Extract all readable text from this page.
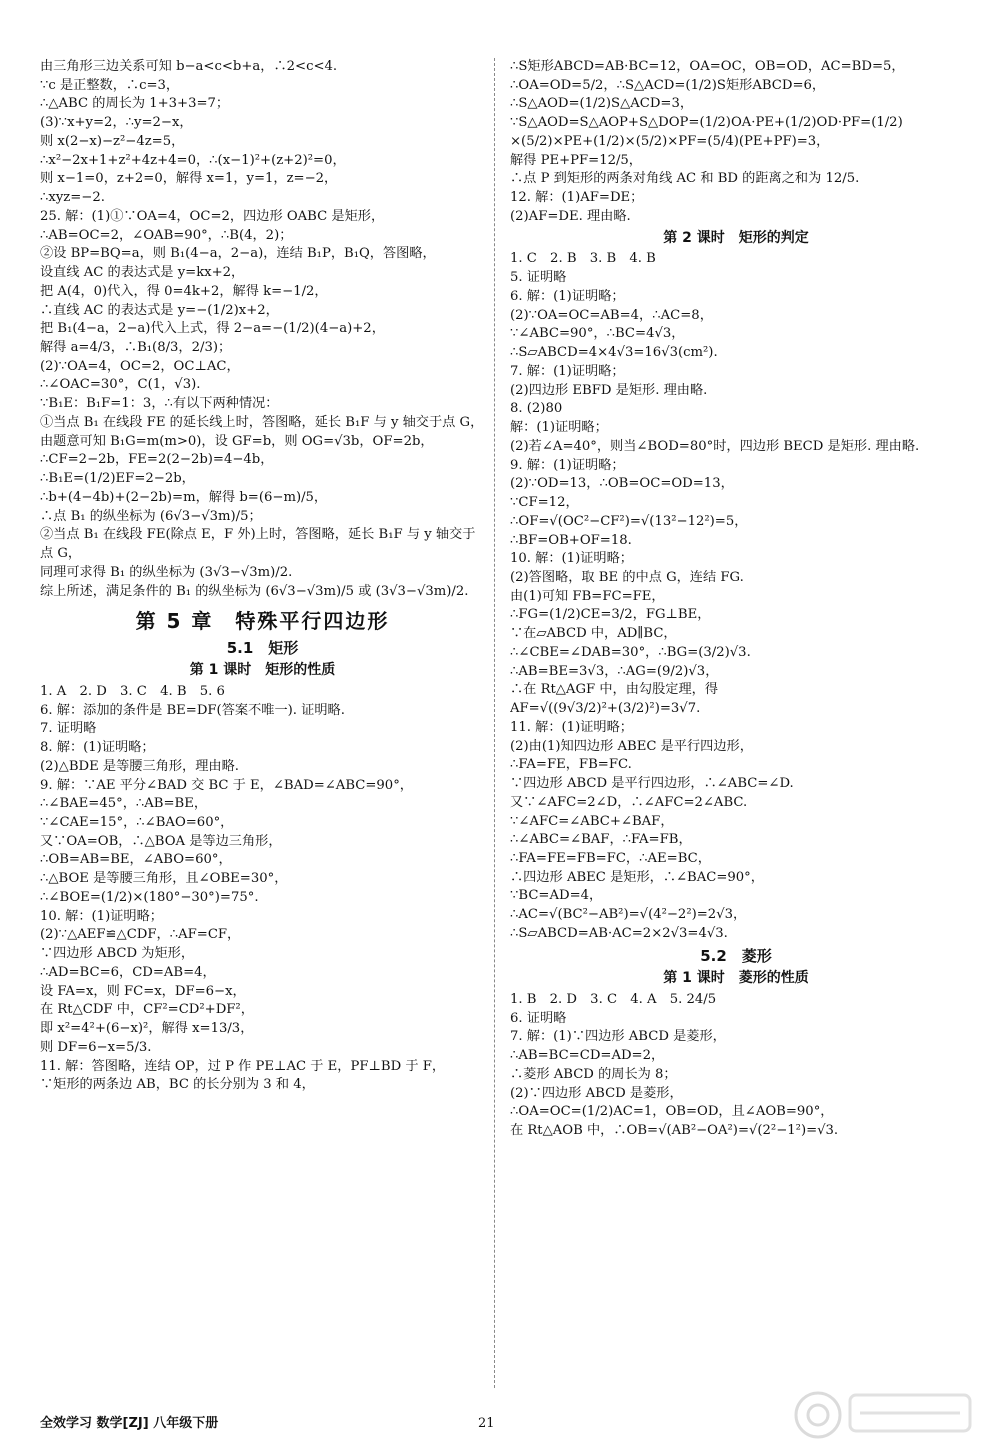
由三角形三边关系可知 b−a<c<b+a，∴2<c<4.
∵c 是正整数，∴c=3，
∴△ABC 的周长为 1+3+3=7；
(3)∵x+y=2，∴y=2−x，
则 x(2−x)−z²−4z=5，
∴x²−2x+1+z²+4z+4=0，∴(x−1)²+(z+2)²=0，
则 x−1=0，z+2=0，解得 x=1，y=1，z=−2，
∴xyz=−2.
25. 解：(1)①∵OA=4，OC=2，四边形 OABC 是矩形，
∴AB=OC=2，∠OAB=90°，∴B(4，2)；
②设 BP=BQ=a，则 B₁(4−a，2−a)，连结 B₁P，B₁Q，答图略，
设直线 AC 的表达式是 y=kx+2，
把 A(4，0)代入，得 0=4k+2，解得 k=−1/2，
∴直线 AC 的表达式是 y=−(1/2)x+2，
把 B₁(4−a，2−a)代入上式，得 2−a=−(1/2)(4−a)+2，
解得 a=4/3，∴B₁(8/3，2/3)；
(2)∵OA=4，OC=2，OC⊥AC，
∴∠OAC=30°，C(1，√3).
∵B₁E：B₁F=1：3，∴有以下两种情况：
①当点 B₁ 在线段 FE 的延长线上时，答图略，延长 B₁F 与 y 轴交于点 G，
由题意可知 B₁G=m(m>0)，设 GF=b，则 OG=√3b，OF=2b，
∴CF=2−2b，FE=2(2−2b)=4−4b，
∴B₁E=(1/2)EF=2−2b，
∴b+(4−4b)+(2−2b)=m，解得 b=(6−m)/5，
∴点 B₁ 的纵坐标为 (6√3−√3m)/5；
②当点 B₁ 在线段 FE(除点 E，F 外)上时，答图略，延长 B₁F 与 y 轴交于点 G，
同理可求得 B₁ 的纵坐标为 (3√3−√3m)/2.
综上所述，满足条件的 B₁ 的纵坐标为 (6√3−√3m)/5 或 (3√3−√3m)/2.
第 5 章　特殊平行四边形
5.1　矩形
第 1 课时　矩形的性质
1. A　2. D　3. C　4. B　5. 6
6. 解：添加的条件是 BE=DF(答案不唯一). 证明略.
7. 证明略
8. 解：(1)证明略；
(2)△BDE 是等腰三角形，理由略.
9. 解：∵AE 平分∠BAD 交 BC 于 E，∠BAD=∠ABC=90°，
∴∠BAE=45°，∴AB=BE，
∵∠CAE=15°，∴∠BAO=60°，
又∵OA=OB，∴△BOA 是等边三角形，
∴OB=AB=BE，∠ABO=60°，
∴△BOE 是等腰三角形，且∠OBE=30°，
∴∠BOE=(1/2)×(180°−30°)=75°.
10. 解：(1)证明略；
(2)∵△AEF≌△CDF，∴AF=CF，
∵四边形 ABCD 为矩形，
∴AD=BC=6，CD=AB=4，
设 FA=x，则 FC=x，DF=6−x，
在 Rt△CDF 中，CF²=CD²+DF²，
即 x²=4²+(6−x)²，解得 x=13/3，
则 DF=6−x=5/3.
11. 解：答图略，连结 OP，过 P 作 PE⊥AC 于 E，PF⊥BD 于 F，
∵矩形的两条边 AB，BC 的长分别为 3 和 4，
∴S矩形ABCD=AB·BC=12，OA=OC，OB=OD，AC=BD=5，
∴OA=OD=5/2，∴S△ACD=(1/2)S矩形ABCD=6，
∴S△AOD=(1/2)S△ACD=3，
∵S△AOD=S△AOP+S△DOP=(1/2)OA·PE+(1/2)OD·PF=(1/2)
×(5/2)×PE+(1/2)×(5/2)×PF=(5/4)(PE+PF)=3，
解得 PE+PF=12/5，
∴点 P 到矩形的两条对角线 AC 和 BD 的距离之和为 12/5.
12. 解：(1)AF=DE；
(2)AF=DE. 理由略.
第 2 课时　矩形的判定
1. C　2. B　3. B　4. B
5. 证明略
6. 解：(1)证明略；
(2)∵OA=OC=AB=4，∴AC=8，
∵∠ABC=90°，∴BC=4√3，
∴S▱ABCD=4×4√3=16√3(cm²).
7. 解：(1)证明略；
(2)四边形 EBFD 是矩形. 理由略.
8. (2)80
解：(1)证明略；
(2)若∠A=40°，则当∠BOD=80°时，四边形 BECD 是矩形. 理由略.
9. 解：(1)证明略；
(2)∵OD=13，∴OB=OC=OD=13，
∵CF=12，
∴OF=√(OC²−CF²)=√(13²−12²)=5，
∴BF=OB+OF=18.
10. 解：(1)证明略；
(2)答图略，取 BE 的中点 G，连结 FG.
由(1)可知 FB=FC=FE，
∴FG=(1/2)CE=3/2，FG⊥BE，
∵在▱ABCD 中，AD∥BC，
∴∠CBE=∠DAB=30°，∴BG=(3/2)√3.
∴AB=BE=3√3，∴AG=(9/2)√3，
∴在 Rt△AGF 中，由勾股定理，得
AF=√((9√3/2)²+(3/2)²)=3√7.
11. 解：(1)证明略；
(2)由(1)知四边形 ABEC 是平行四边形，
∴FA=FE，FB=FC.
∵四边形 ABCD 是平行四边形，∴∠ABC=∠D.
又∵∠AFC=2∠D，∴∠AFC=2∠ABC.
∵∠AFC=∠ABC+∠BAF，
∴∠ABC=∠BAF，∴FA=FB，
∴FA=FE=FB=FC，∴AE=BC，
∴四边形 ABEC 是矩形，∴∠BAC=90°，
∵BC=AD=4，
∴AC=√(BC²−AB²)=√(4²−2²)=2√3，
∴S▱ABCD=AB·AC=2×2√3=4√3.
5.2　菱形
第 1 课时　菱形的性质
1. B　2. D　3. C　4. A　5. 24/5
6. 证明略
7. 解：(1)∵四边形 ABCD 是菱形，
∴AB=BC=CD=AD=2，
∴菱形 ABCD 的周长为 8；
(2)∵四边形 ABCD 是菱形，
∴OA=OC=(1/2)AC=1，OB=OD，且∠AOB=90°，
在 Rt△AOB 中，∴OB=√(AB²−OA²)=√(2²−1²)=√3.
全效学习 数学[ZJ] 八年级下册	21
